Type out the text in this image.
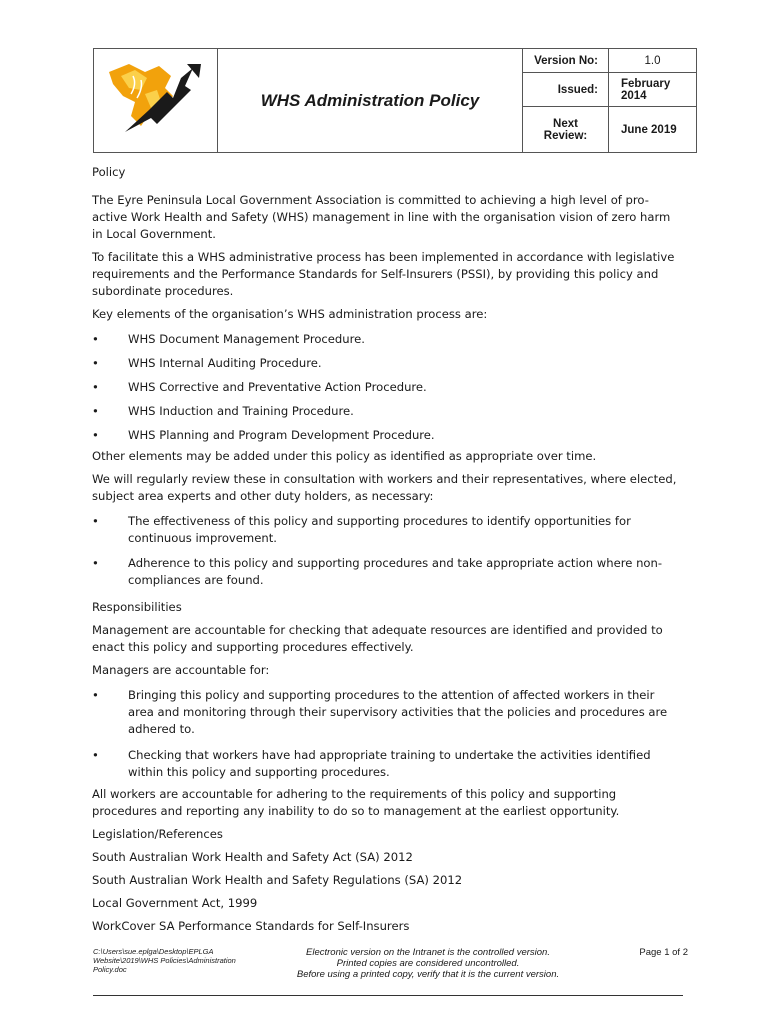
	WHS Administration Policy	Version No:	1.0
		Issued:	February
2014

		Next
Review:	June 2019

Policy

The Eyre Peninsula Local Government Association is committed to achieving a high level of pro-active Work Health and Safety (WHS) management in line with the organisation vision of zero harm in Local Government.

To facilitate this a WHS administrative process has been implemented in accordance with legislative requirements and the Performance Standards for Self-Insurers (PSSI), by providing this policy and subordinate procedures.

Key elements of the organisation’s WHS administration process are:

•	WHS Document Management Procedure.
•	WHS Internal Auditing Procedure.
•	WHS Corrective and Preventative Action Procedure.
•	WHS Induction and Training Procedure.
•	WHS Planning and Program Development Procedure.

Other elements may be added under this policy as identified as appropriate over time.

We will regularly review these in consultation with workers and their representatives, where elected, subject area experts and other duty holders, as necessary:

•	The effectiveness of this policy and supporting procedures to identify opportunities for continuous improvement.
•	Adherence to this policy and supporting procedures and take appropriate action where non-compliances are found.

Responsibilities

Management are accountable for checking that adequate resources are identified and provided to enact this policy and supporting procedures effectively.

Managers are accountable for:

•	Bringing this policy and supporting procedures to the attention of affected workers in their area and monitoring through their supervisory activities that the policies and procedures are adhered to.
•	Checking that workers have had appropriate training to undertake the activities identified within this policy and supporting procedures.

All workers are accountable for adhering to the requirements of this policy and supporting procedures and reporting any inability to do so to management at the earliest opportunity.

Legislation/References

South Australian Work Health and Safety Act (SA) 2012

South Australian Work Health and Safety Regulations (SA) 2012

Local Government Act, 1999

WorkCover SA Performance Standards for Self-Insurers

C:\Users\sue.eplga\Desktop\EPLGA Website\2019\WHS Policies\Administration Policy.doc
Electronic version on the Intranet is the controlled version.
Printed copies are considered uncontrolled.
Before using a printed copy, verify that it is the current version.
Page 1 of 2
